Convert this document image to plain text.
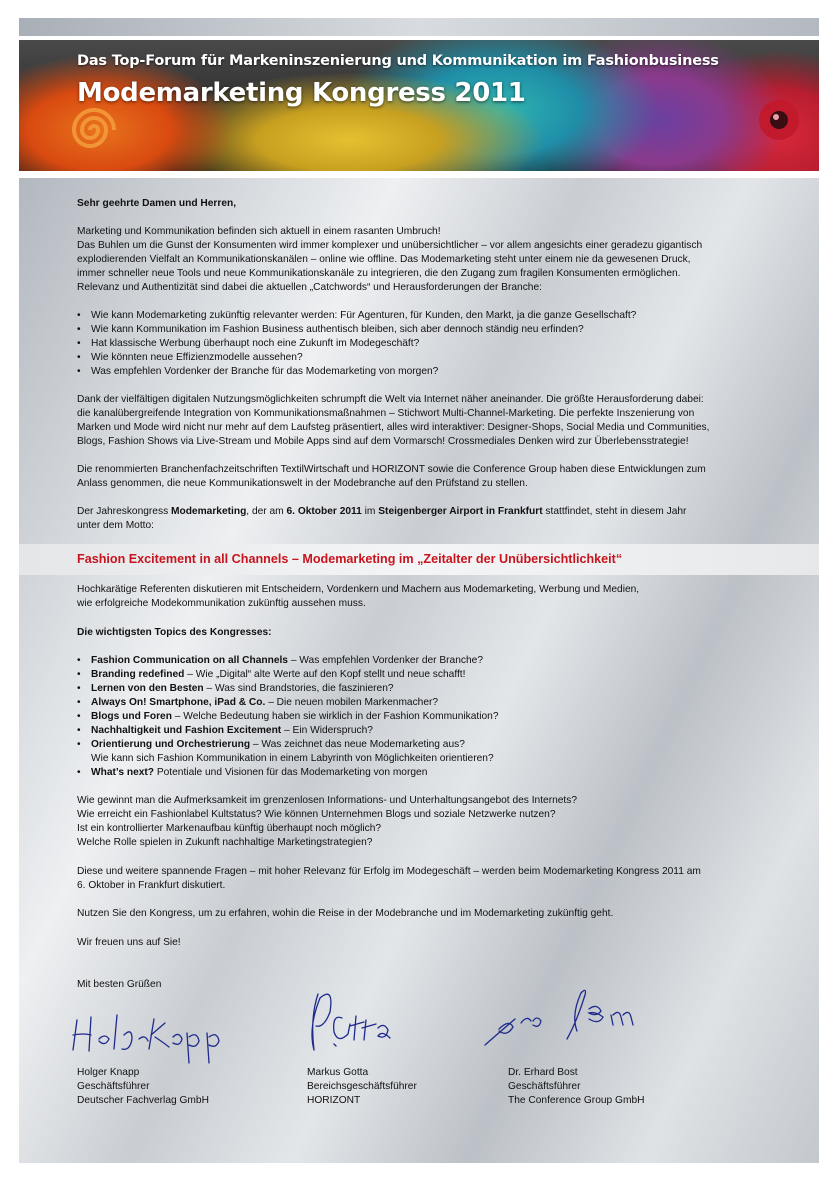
Das Top-Forum für Markeninszenierung und Kommunikation im Fashionbusiness
Modemarketing Kongress 2011
Sehr geehrte Damen und Herren,
Marketing und Kommunikation befinden sich aktuell in einem rasanten Umbruch!
Das Buhlen um die Gunst der Konsumenten wird immer komplexer und unübersichtlicher – vor allem angesichts einer geradezu gigantisch
explodierenden Vielfalt an Kommunikationskanälen – online wie offline. Das Modemarketing steht unter einem nie da gewesenen Druck,
immer schneller neue Tools und neue Kommunikationskanäle zu integrieren, die den Zugang zum fragilen Konsumenten ermöglichen.
Relevanz und Authentizität sind dabei die aktuellen „Catchwords“ und Herausforderungen der Branche:
• Wie kann Modemarketing zukünftig relevanter werden: Für Agenturen, für Kunden, den Markt, ja die ganze Gesellschaft?
• Wie kann Kommunikation im Fashion Business authentisch bleiben, sich aber dennoch ständig neu erfinden?
• Hat klassische Werbung überhaupt noch eine Zukunft im Modegeschäft?
• Wie könnten neue Effizienzmodelle aussehen?
• Was empfehlen Vordenker der Branche für das Modemarketing von morgen?
Dank der vielfältigen digitalen Nutzungsmöglichkeiten schrumpft die Welt via Internet näher aneinander. Die größte Herausforderung dabei:
die kanalübergreifende Integration von Kommunikationsmaßnahmen – Stichwort Multi-Channel-Marketing. Die perfekte Inszenierung von
Marken und Mode wird nicht nur mehr auf dem Laufsteg präsentiert, alles wird interaktiver: Designer-Shops, Social Media und Communities,
Blogs, Fashion Shows via Live-Stream und Mobile Apps sind auf dem Vormarsch! Crossmediales Denken wird zur Überlebensstrategie!
Die renommierten Branchenfachzeitschriften TextilWirtschaft und HORIZONT sowie die Conference Group haben diese Entwicklungen zum
Anlass genommen, die neue Kommunikationswelt in der Modebranche auf den Prüfstand zu stellen.
Der Jahreskongress Modemarketing, der am 6. Oktober 2011 im Steigenberger Airport in Frankfurt stattfindet, steht in diesem Jahr
unter dem Motto:
Fashion Excitement in all Channels – Modemarketing im „Zeitalter der Unübersichtlichkeit“
Hochkarätige Referenten diskutieren mit Entscheidern, Vordenkern und Machern aus Modemarketing, Werbung und Medien,
wie erfolgreiche Modekommunikation zukünftig aussehen muss.
Die wichtigsten Topics des Kongresses:
• Fashion Communication on all Channels – Was empfehlen Vordenker der Branche?
• Branding redefined – Wie „Digital“ alte Werte auf den Kopf stellt und neue schafft!
• Lernen von den Besten – Was sind Brandstories, die faszinieren?
• Always On! Smartphone, iPad & Co. – Die neuen mobilen Markenmacher?
• Blogs und Foren – Welche Bedeutung haben sie wirklich in der Fashion Kommunikation?
• Nachhaltigkeit und Fashion Excitement – Ein Widerspruch?
• Orientierung und Orchestrierung – Was zeichnet das neue Modemarketing aus?
Wie kann sich Fashion Kommunikation in einem Labyrinth von Möglichkeiten orientieren?
• What’s next? Potentiale und Visionen für das Modemarketing von morgen
Wie gewinnt man die Aufmerksamkeit im grenzenlosen Informations- und Unterhaltungsangebot des Internets?
Wie erreicht ein Fashionlabel Kultstatus? Wie können Unternehmen Blogs und soziale Netzwerke nutzen?
Ist ein kontrollierter Markenaufbau künftig überhaupt noch möglich?
Welche Rolle spielen in Zukunft nachhaltige Marketingstrategien?
Diese und weitere spannende Fragen – mit hoher Relevanz für Erfolg im Modegeschäft – werden beim Modemarketing Kongress 2011 am
6. Oktober in Frankfurt diskutiert.
Nutzen Sie den Kongress, um zu erfahren, wohin die Reise in der Modebranche und im Modemarketing zukünftig geht.
Wir freuen uns auf Sie!
Mit besten Grüßen
Holger Knapp
Geschäftsführer
Deutscher Fachverlag GmbH
Markus Gotta
Bereichsgeschäftsführer
HORIZONT
Dr. Erhard Bost
Geschäftsführer
The Conference Group GmbH
